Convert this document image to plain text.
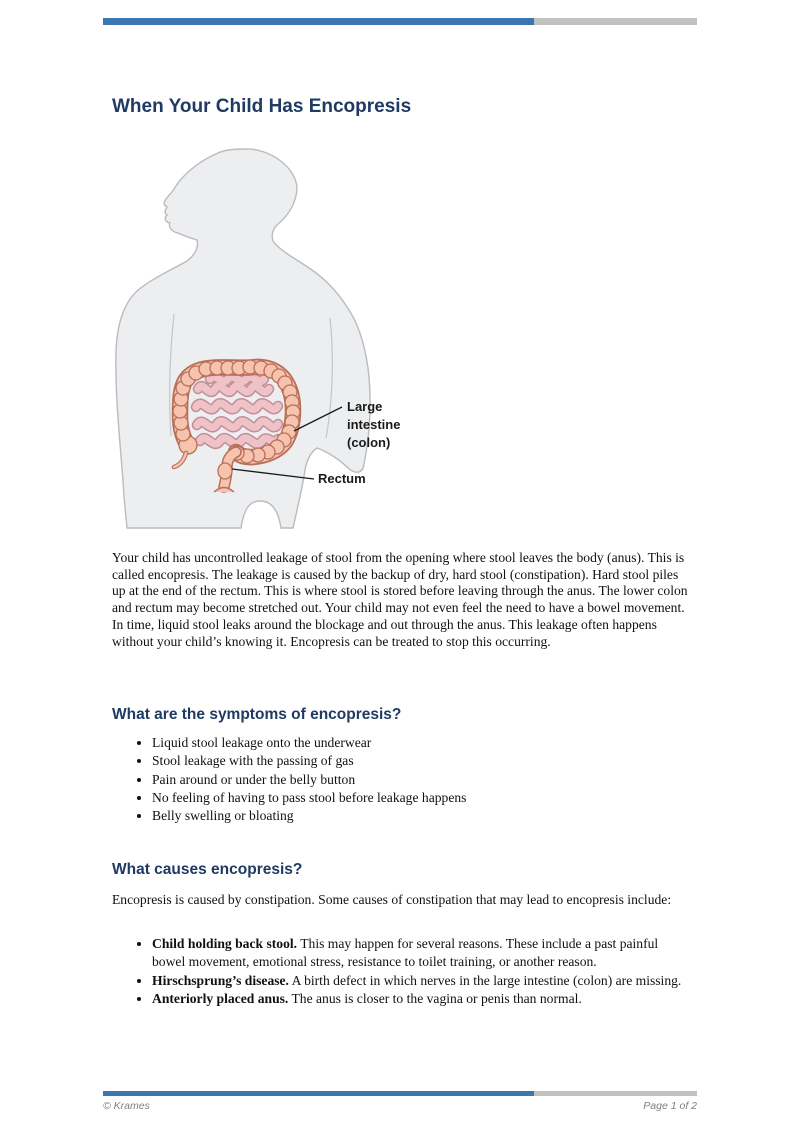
When Your Child Has Encopresis
Large
intestine
(colon)
Rectum

Your child has uncontrolled leakage of stool from the opening where stool leaves the body (anus). This is called encopresis. The leakage is caused by the backup of dry, hard stool (constipation). Hard stool piles up at the end of the rectum. This is where stool is stored before leaving through the anus. The lower colon and rectum may become stretched out. Your child may not even feel the need to have a bowel movement. In time, liquid stool leaks around the blockage and out through the anus. This leakage often happens without your child’s knowing it. Encopresis can be treated to stop this occurring.

What are the symptoms of encopresis?
• Liquid stool leakage onto the underwear
• Stool leakage with the passing of gas
• Pain around or under the belly button
• No feeling of having to pass stool before leakage happens
• Belly swelling or bloating
What causes encopresis?

Encopresis is caused by constipation. Some causes of constipation that may lead to encopresis include:

• Child holding back stool. This may happen for several reasons. These include a past painful bowel movement, emotional stress, resistance to toilet training, or another reason.
• Hirschsprung’s disease. A birth defect in which nerves in the large intestine (colon) are missing.
• Anteriorly placed anus. The anus is closer to the vagina or penis than normal.
© Krames	Page 1 of 2
